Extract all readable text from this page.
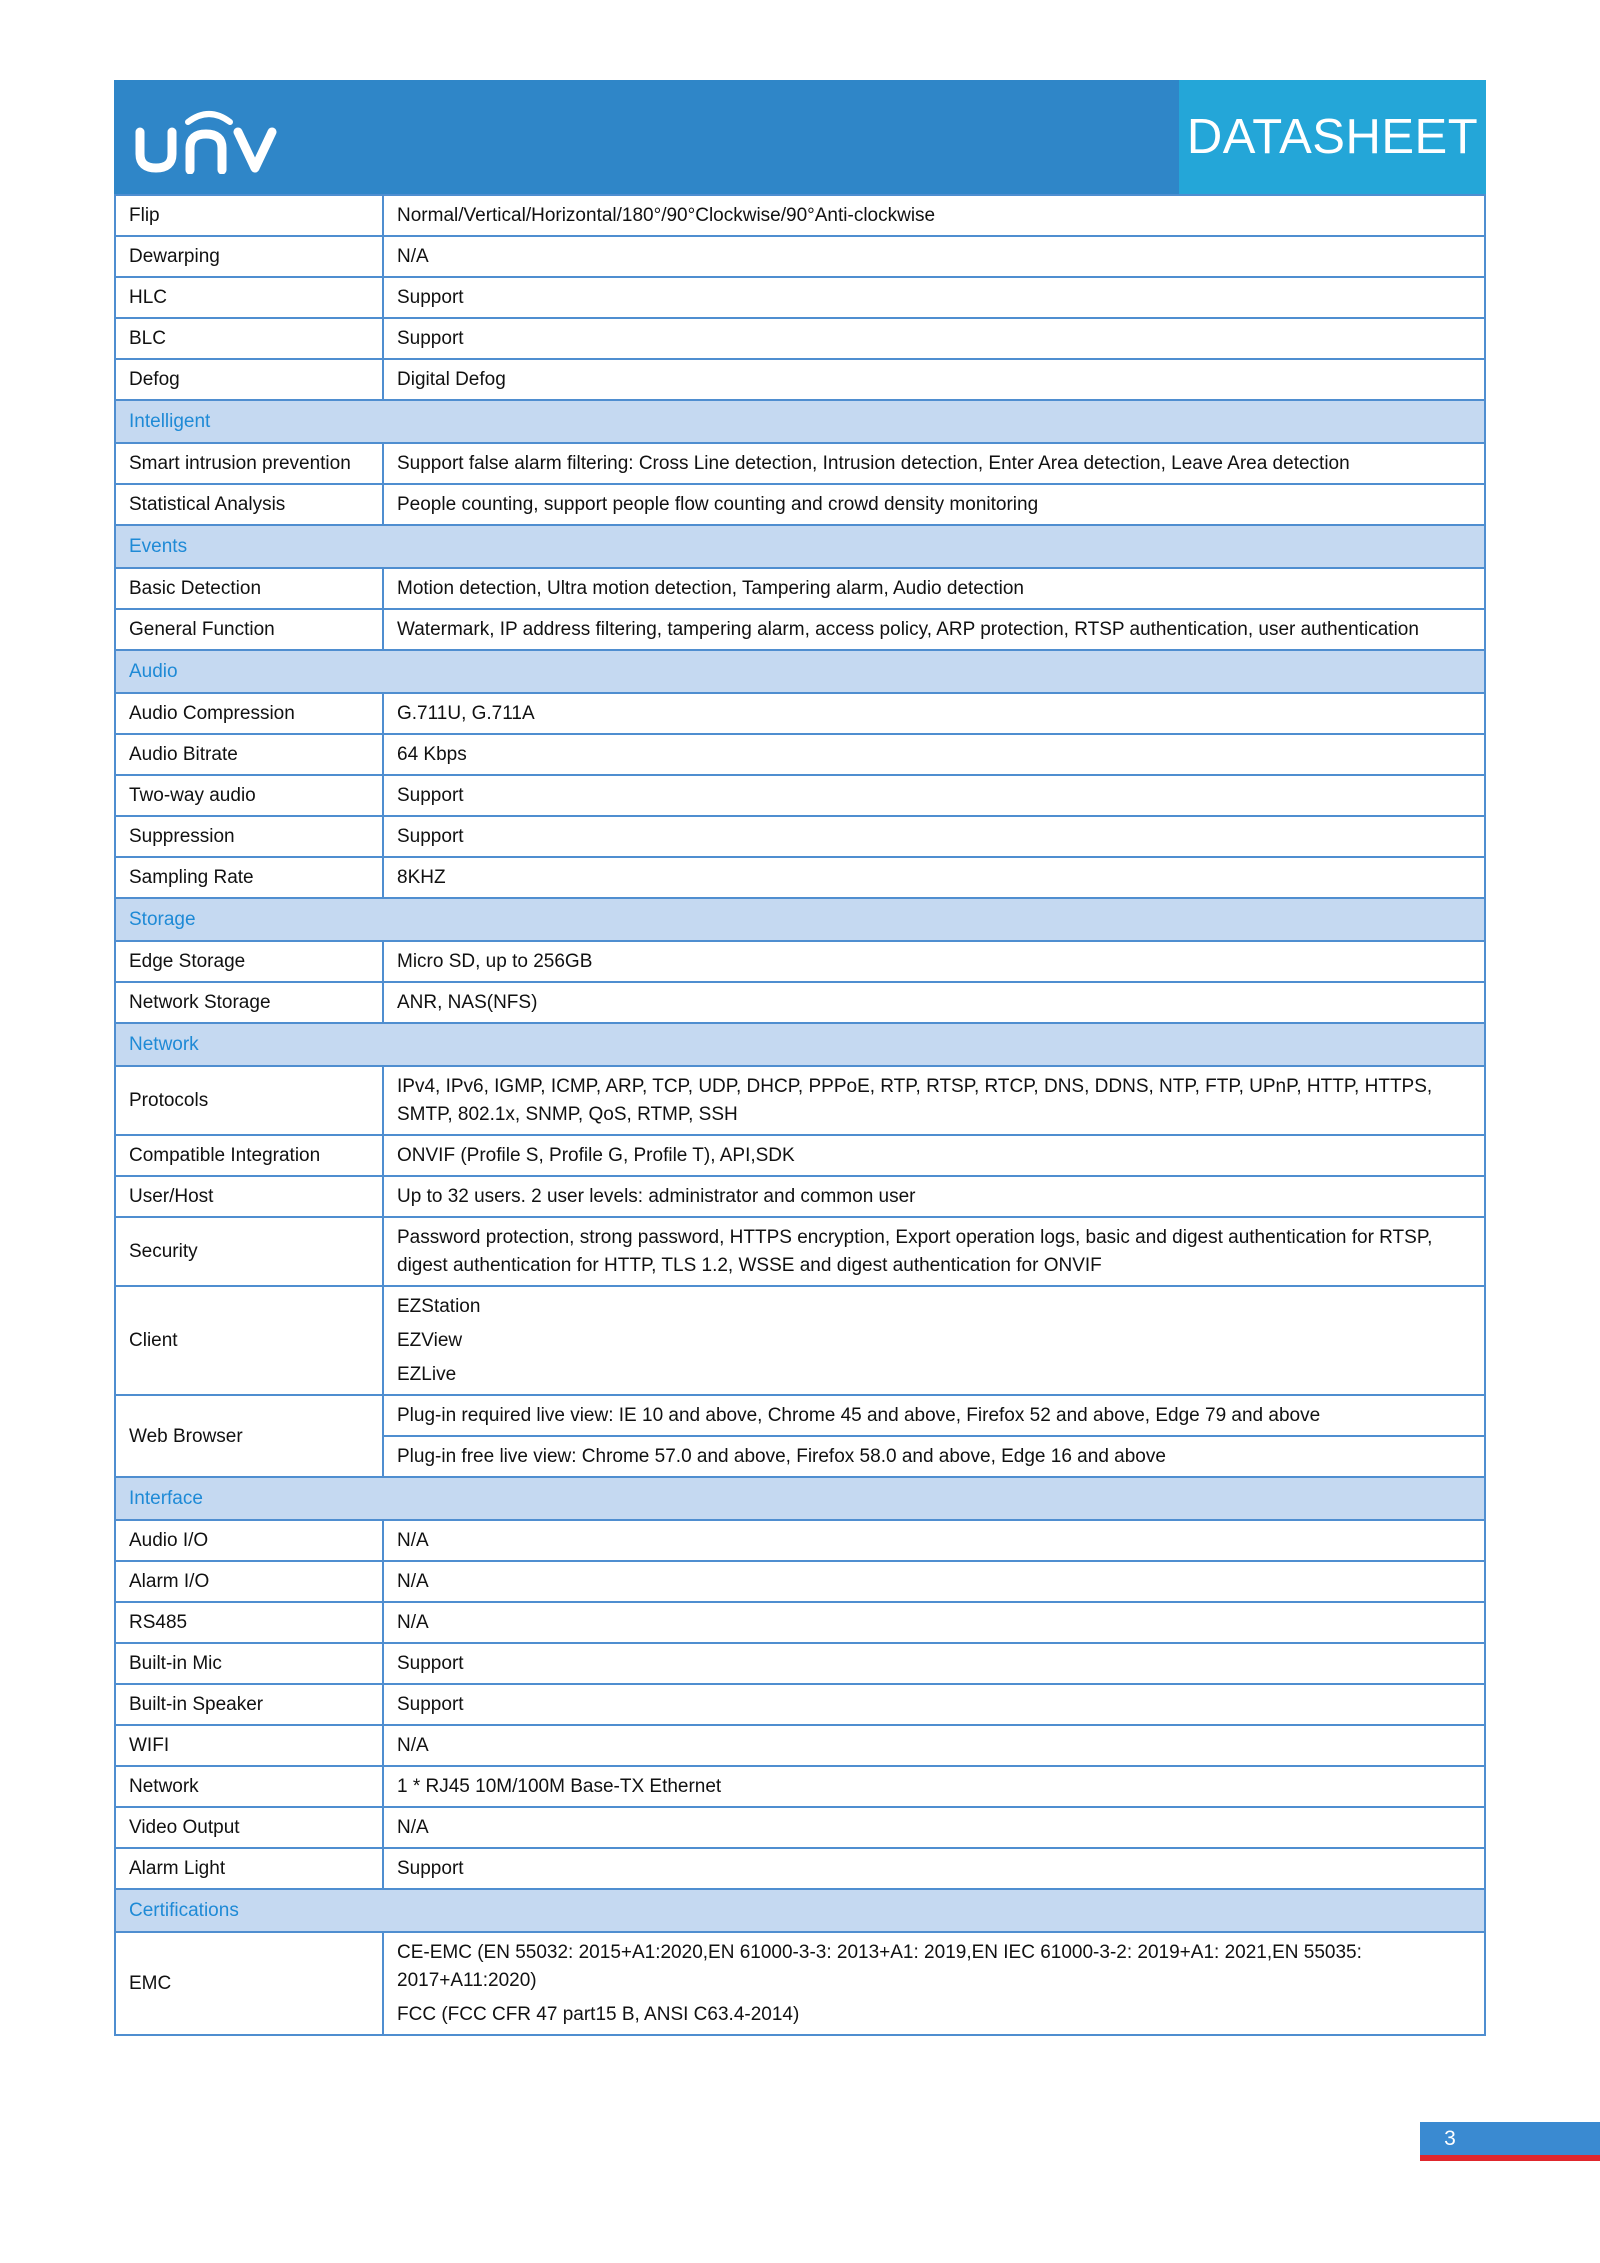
DATASHEET
Flip	Normal/Vertical/Horizontal/180°/90°Clockwise/90°Anti-clockwise
Dewarping	N/A
HLC	Support
BLC	Support
Defog	Digital Defog
Intelligent	
Smart intrusion prevention	Support false alarm filtering: Cross Line detection, Intrusion detection, Enter Area detection, Leave Area detection
Statistical Analysis	People counting, support people flow counting and crowd density monitoring
Events	
Basic Detection	Motion detection, Ultra motion detection, Tampering alarm, Audio detection
General Function	Watermark, IP address filtering, tampering alarm, access policy, ARP protection, RTSP authentication, user authentication
Audio	
Audio Compression	G.711U, G.711A
Audio Bitrate	64 Kbps
Two-way audio	Support
Suppression	Support
Sampling Rate	8KHZ
Storage	
Edge Storage	Micro SD, up to 256GB
Network Storage	ANR, NAS(NFS)
Network	
Protocols	IPv4, IPv6, IGMP, ICMP, ARP, TCP, UDP, DHCP, PPPoE, RTP, RTSP, RTCP, DNS, DDNS, NTP, FTP, UPnP, HTTP, HTTPS, SMTP, 802.1x, SNMP, QoS, RTMP, SSH
Compatible Integration	ONVIF (Profile S, Profile G, Profile T), API,SDK
User/Host	Up to 32 users. 2 user levels: administrator and common user
Security	Password protection, strong password, HTTPS encryption, Export operation logs, basic and digest authentication for RTSP, digest authentication for HTTP, TLS 1.2, WSSE and digest authentication for ONVIF
Client	EZStation
EZView
EZLive

Web Browser	Plug-in required live view: IE 10 and above, Chrome 45 and above, Firefox 52 and above, Edge 79 and above
	Plug-in free live view: Chrome 57.0 and above, Firefox 58.0 and above, Edge 16 and above
Interface	
Audio I/O	N/A
Alarm I/O	N/A
RS485	N/A
Built-in Mic	Support
Built-in Speaker	Support
WIFI	N/A
Network	1 * RJ45 10M/100M Base-TX Ethernet
Video Output	N/A
Alarm Light	Support
Certifications	
EMC	CE-EMC (EN 55032: 2015+A1:2020,EN 61000-3-3: 2013+A1: 2019,EN IEC 61000-3-2: 2019+A1: 2021,EN 55035: 2017+A11:2020)
FCC (FCC CFR 47 part15 B, ANSI C63.4-2014)
3
